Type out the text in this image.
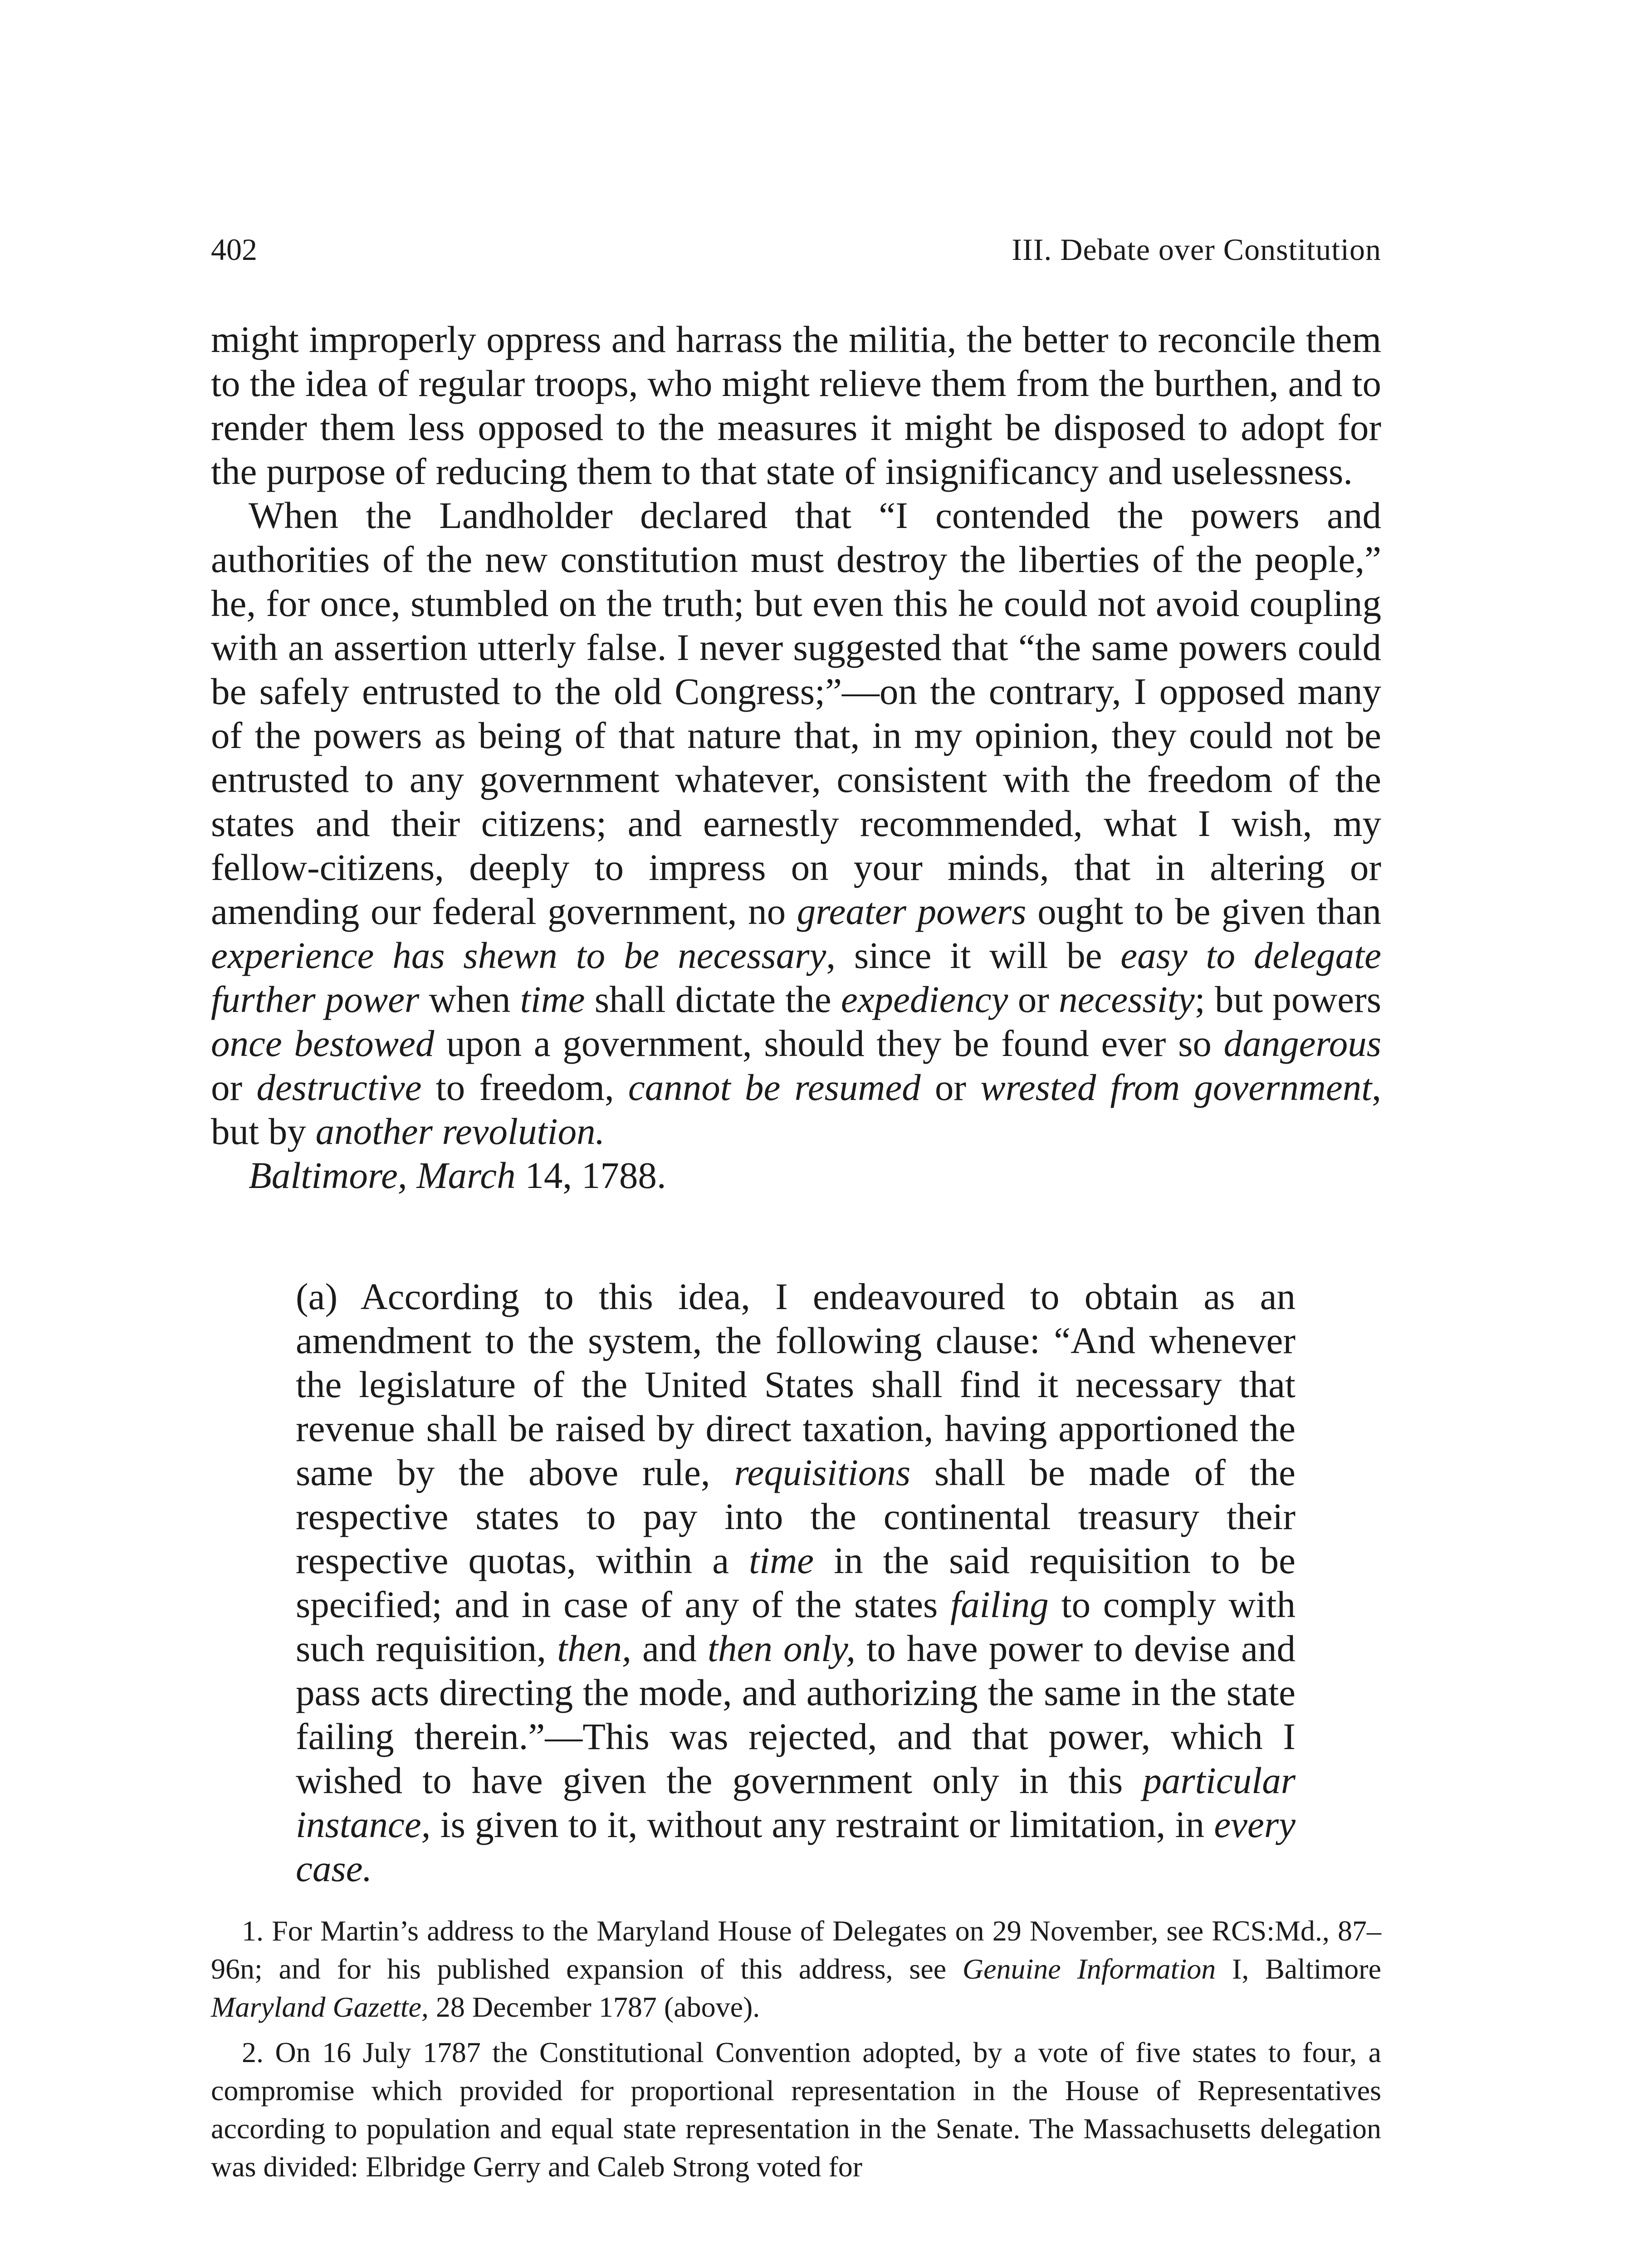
402	III. Debate over Constitution

might improperly oppress and harrass the militia, the better to reconcile them to the idea of regular troops, who might relieve them from the burthen, and to render them less opposed to the measures it might be disposed to adopt for the purpose of reducing them to that state of insignificancy and uselessness.

When the Landholder declared that “I contended the powers and authorities of the new constitution must destroy the liberties of the people,” he, for once, stumbled on the truth; but even this he could not avoid coupling with an assertion utterly false. I never suggested that “the same powers could be safely entrusted to the old Congress;”—on the contrary, I opposed many of the powers as being of that nature that, in my opinion, they could not be entrusted to any government whatever, consistent with the freedom of the states and their citizens; and earnestly recommended, what I wish, my fellow-citizens, deeply to impress on your minds, that in altering or amending our federal government, no greater powers ought to be given than experience has shewn to be necessary, since it will be easy to delegate further power when time shall dictate the expediency or necessity; but powers once bestowed upon a government, should they be found ever so dangerous or destructive to freedom, cannot be resumed or wrested from government, but by another revolution.

Baltimore, March 14, 1788.

(a) According to this idea, I endeavoured to obtain as an amendment to the system, the following clause: “And whenever the legislature of the United States shall find it necessary that revenue shall be raised by direct taxation, having apportioned the same by the above rule, requisitions shall be made of the respective states to pay into the continental treasury their respective quotas, within a time in the said requisition to be specified; and in case of any of the states failing to comply with such requisition, then, and then only, to have power to devise and pass acts directing the mode, and authorizing the same in the state failing therein.”—This was rejected, and that power, which I wished to have given the government only in this particular instance, is given to it, without any restraint or limitation, in every case.

1. For Martin’s address to the Maryland House of Delegates on 29 November, see RCS:Md., 87–96n; and for his published expansion of this address, see Genuine Information I, Baltimore Maryland Gazette, 28 December 1787 (above).

2. On 16 July 1787 the Constitutional Convention adopted, by a vote of five states to four, a compromise which provided for proportional representation in the House of Representatives according to population and equal state representation in the Senate. The Massachusetts delegation was divided: Elbridge Gerry and Caleb Strong voted for
